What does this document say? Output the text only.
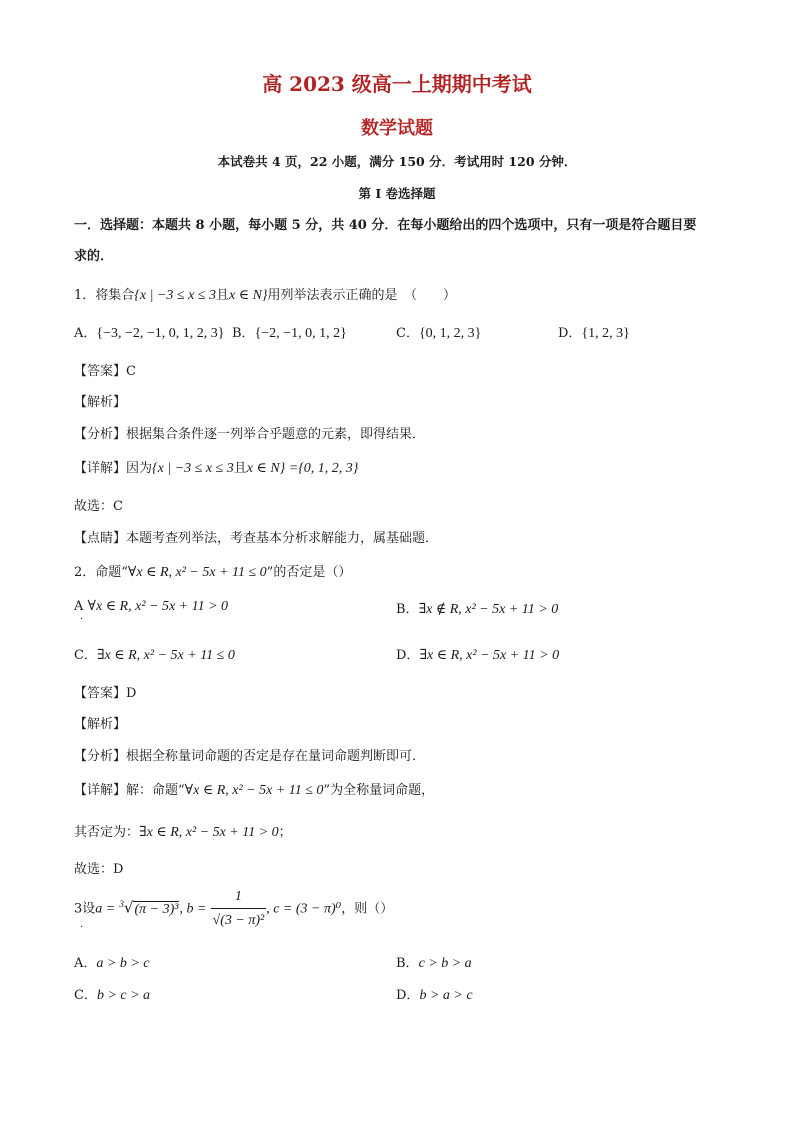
高 2023 级高一上期期中考试
数学试题
本试卷共 4 页，22 小题，满分 150 分．考试用时 120 分钟．
第 I 卷选择题
一．选择题：本题共 8 小题，每小题 5 分，共 40 分．在每小题给出的四个选项中，只有一项是符合题目要
求的．
1．将集合{x | −3 ≤ x ≤ 3且x ∈ N}用列举法表示正确的是　（　　）
A．{−3, −2, −1, 0, 1, 2, 3} B．{−2, −1, 0, 1, 2}	C．{0, 1, 2, 3}	D．{1, 2, 3}
【答案】C
【解析】
【分析】根据集合条件逐一列举合乎题意的元素，即得结果．
【详解】因为{x | −3 ≤ x ≤ 3且x ∈ N} ={0, 1, 2, 3}
故选：C
【点睛】本题考查列举法，考查基本分析求解能力，属基础题．
2．命题“∀x ∈ R, x² − 5x + 11 ≤ 0”的否定是（）
A ∀x ∈ R, x² − 5x + 11 > 0
·
B．∃x ∉ R, x² − 5x + 11 > 0
C．∃x ∈ R, x² − 5x + 11 ≤ 0	D．∃x ∈ R, x² − 5x + 11 > 0
【答案】D
【解析】
【分析】根据全称量词命题的否定是存在量词命题判断即可．
【详解】解：命题“∀x ∈ R, x² − 5x + 11 ≤ 0”为全称量词命题，
其否定为：∃x ∈ R, x² − 5x + 11 > 0；
故选：D
3设a = $^3$√(π − 3)³, $b = \frac{1}{\text{√(3 − π)²}}$ , c = (3 − π)⁰，则（）
·
A．a > b > c	B．c > b > a
C．b > c > a	D．b > a > c
